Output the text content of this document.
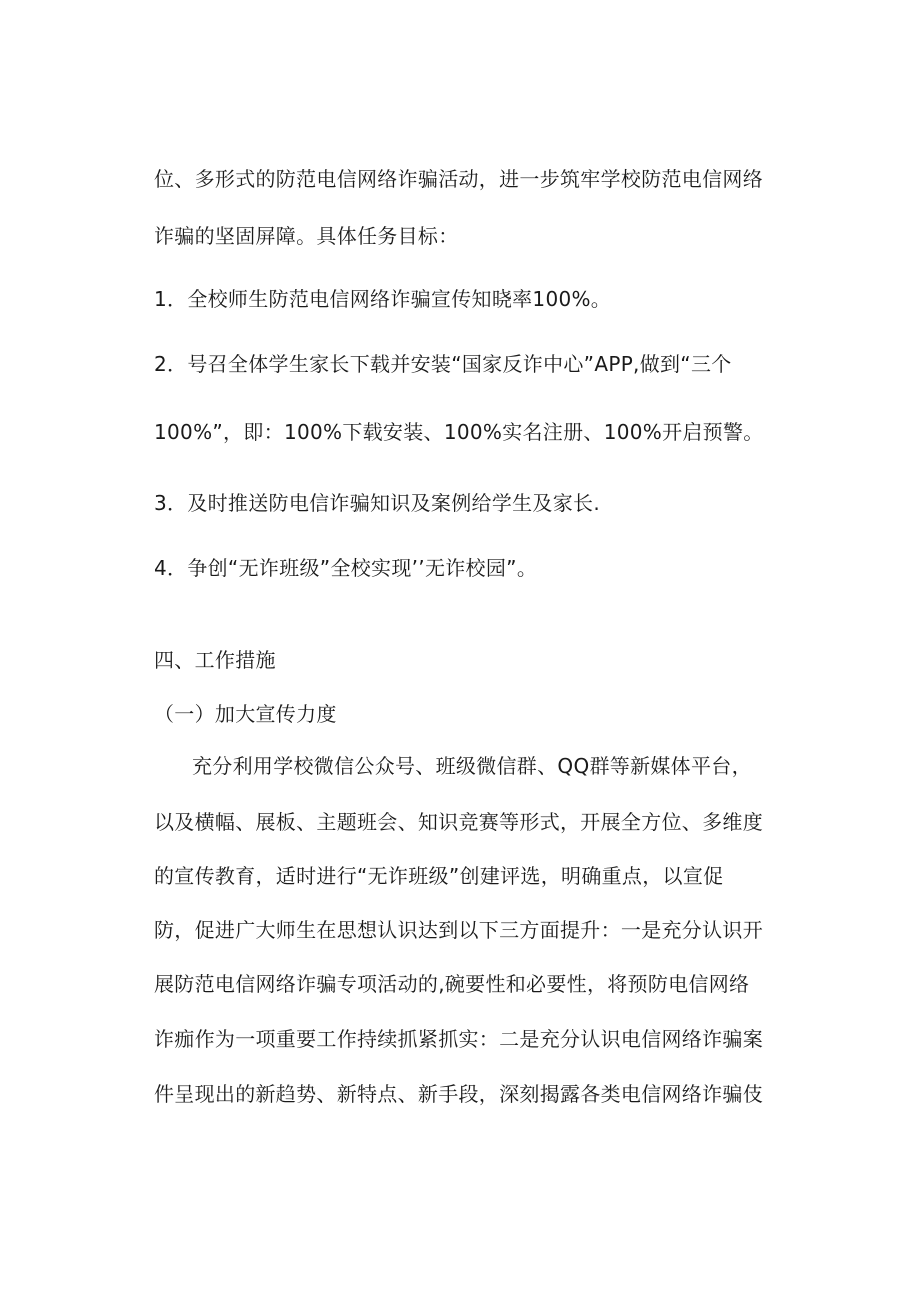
位、多形式的防范电信网络诈骗活动，进一步筑牢学校防范电信网络
诈骗的坚固屏障。具体任务目标：
1．全校师生防范电信网络诈骗宣传知晓率100%。
2．号召全体学生家长下载并安装“国家反诈中心”APP,做到“三个
100%”，即：100%下载安装、100%实名注册、100%开启预警。
3．及时推送防电信诈骗知识及案例给学生及家长.
4．争创“无诈班级”全校实现’’无诈校园”。
四、工作措施
（一）加大宣传力度
充分利用学校微信公众号、班级微信群、QQ群等新媒体平台，
以及横幅、展板、主题班会、知识竞赛等形式，开展全方位、多维度
的宣传教育，适时进行“无诈班级”创建评选，明确重点，以宣促
防，促进广大师生在思想认识达到以下三方面提升：一是充分认识开
展防范电信网络诈骗专项活动的,碗要性和必要性，将预防电信网络
诈痂作为一项重要工作持续抓紧抓实：二是充分认识电信网络诈骗案
件呈现出的新趋势、新特点、新手段，深刻揭露各类电信网络诈骗伎
